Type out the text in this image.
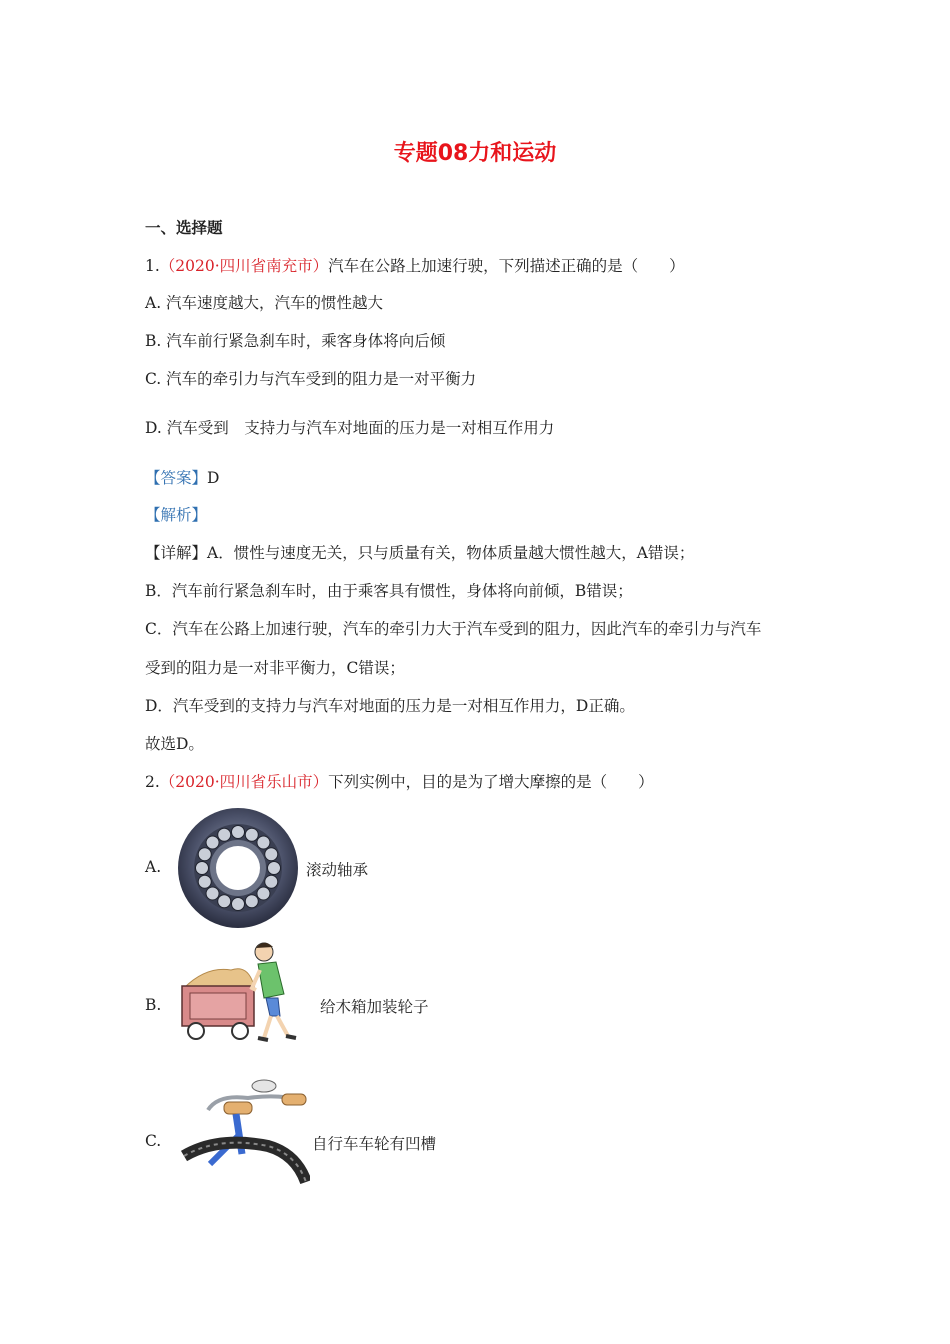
专题08力和运动
一、选择题
1.（2020·四川省南充市）汽车在公路上加速行驶，下列描述正确的是（　　）
A. 汽车速度越大，汽车的惯性越大
B. 汽车前行紧急刹车时，乘客身体将向后倾
C. 汽车的牵引力与汽车受到的阻力是一对平衡力
D. 汽车受到　支持力与汽车对地面的压力是一对相互作用力
【答案】D
【解析】
【详解】A．惯性与速度无关，只与质量有关，物体质量越大惯性越大，A错误；
B．汽车前行紧急刹车时，由于乘客具有惯性，身体将向前倾，B错误；
C．汽车在公路上加速行驶，汽车的牵引力大于汽车受到的阻力，因此汽车的牵引力与汽车
受到的阻力是一对非平衡力，C错误；
D．汽车受到的支持力与汽车对地面的压力是一对相互作用力，D正确。
故选D。
2.（2020·四川省乐山市）下列实例中，目的是为了增大摩擦的是（　　）
A.	滚动轴承
B.	给木箱加装轮子
C.	自行车车轮有凹槽
